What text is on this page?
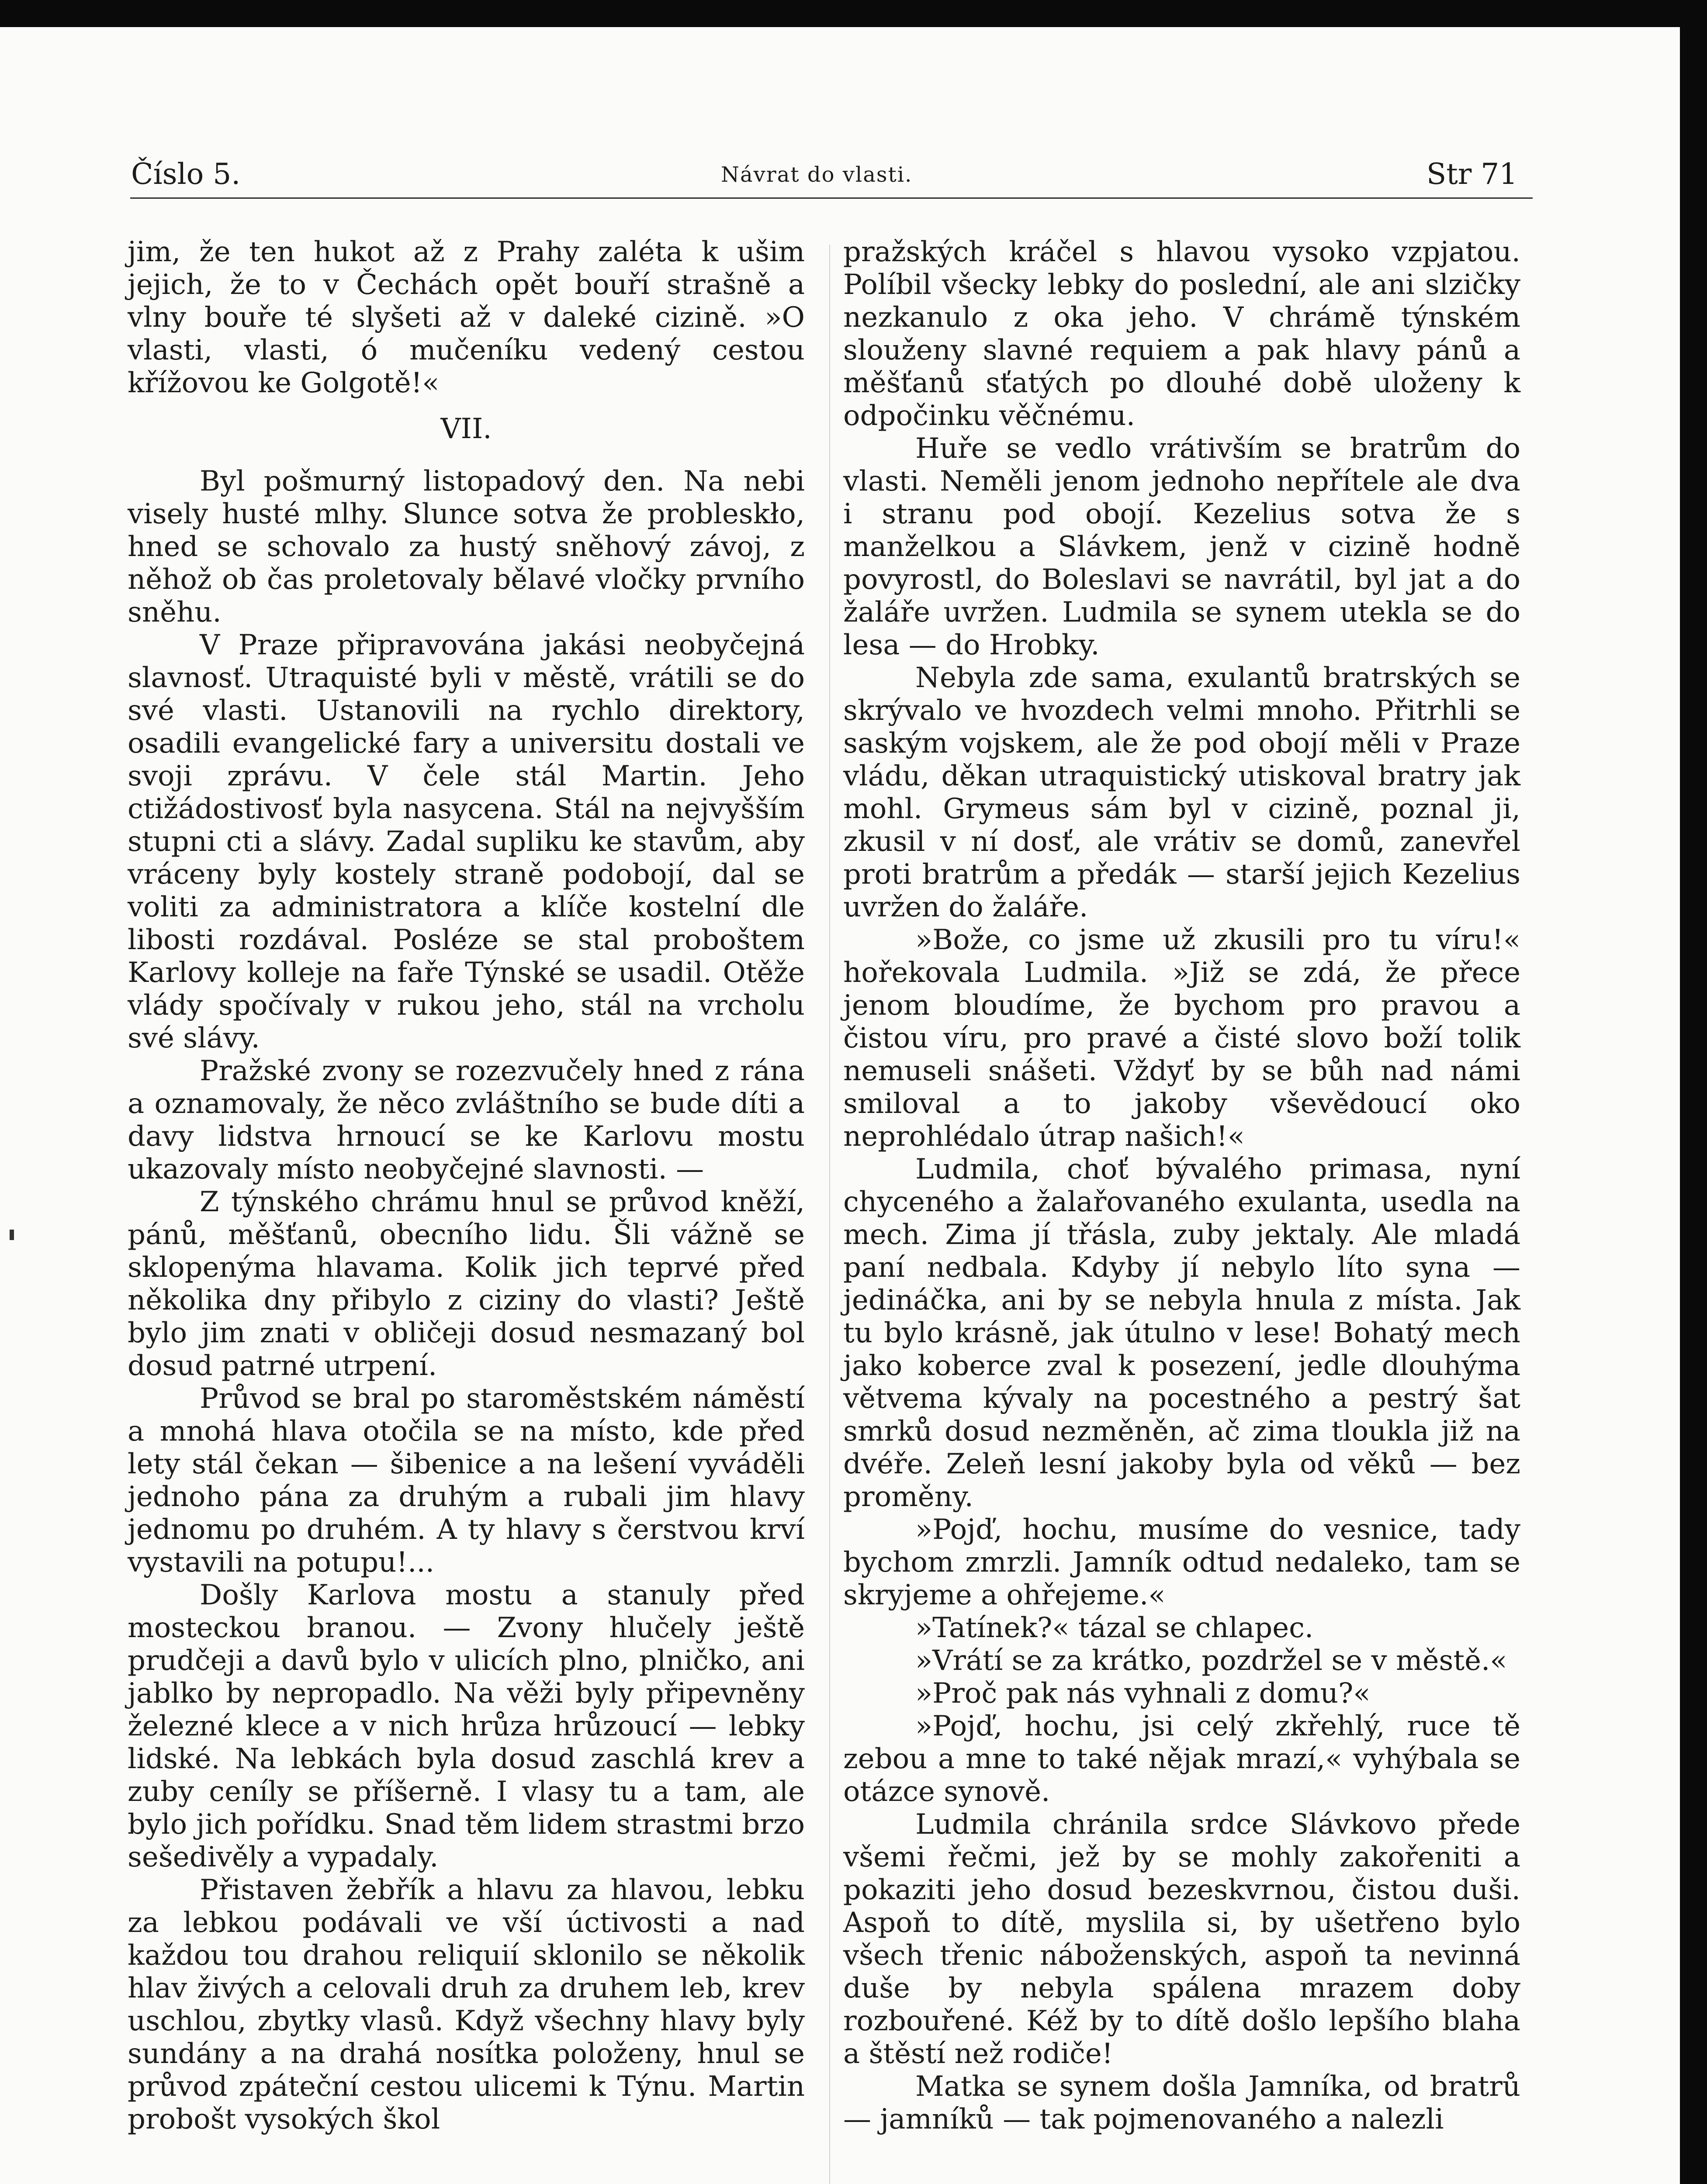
Číslo 5.	Návrat do vlasti.	Str 71

jim, že ten hukot až z Prahy zaléta k ušim jejich, že to v Čechách opět bouří strašně a vlny bouře té slyšeti až v daleké cizině. »O vlasti, vlasti, ó mučeníku vedený cestou křížovou ke Golgotě!«

VII.

Byl pošmurný listopadový den. Na nebi visely husté mlhy. Slunce sotva že probleskło, hned se schovalo za hustý sněhový závoj, z něhož ob čas proletovaly bělavé vločky prvního sněhu.

V Praze připravována jakási neobyčejná slavnosť. Utraquisté byli v městě, vrátili se do své vlasti. Ustanovili na rychlo direktory, osadili evangelické fary a universitu dostali ve svoji zprávu. V čele stál Martin. Jeho ctižádostivosť byla nasycena. Stál na nejvyšším stupni cti a slávy. Zadal supliku ke stavům, aby vráceny byly kostely straně podobojí, dal se voliti za administratora a klíče kostelní dle libosti rozdával. Posléze se stal proboštem Karlovy kolleje na faře Týnské se usadil. Otěže vlády spočívaly v rukou jeho, stál na vrcholu své slávy.

Pražské zvony se rozezvučely hned z rána a oznamovaly, že něco zvláštního se bude díti a davy lidstva hrnoucí se ke Karlovu mostu ukazovaly místo neobyčejné slavnosti. —

Z týnského chrámu hnul se průvod kněží, pánů, měšťanů, obecního lidu. Šli vážně se sklopenýma hlavama. Kolik jich teprvé před několika dny přibylo z ciziny do vlasti? Ještě bylo jim znati v obličeji dosud nesmazaný bol dosud patrné utrpení.

Průvod se bral po staroměstském náměstí a mnohá hlava otočila se na místo, kde před lety stál čekan — šibenice a na lešení vyváděli jednoho pána za druhým a rubali jim hlavy jednomu po druhém. A ty hlavy s čerstvou krví vystavili na potupu!...

Došly Karlova mostu a stanuly před mosteckou branou. — Zvony hlučely ještě prudčeji a davů bylo v ulicích plno, plničko, ani jablko by nepropadlo. Na věži byly připevněny železné klece a v nich hrůza hrůzoucí — lebky lidské. Na lebkách byla dosud zaschlá krev a zuby ceníly se příšerně. I vlasy tu a tam, ale bylo jich pořídku. Snad těm lidem strastmi brzo sešedivěly a vypadaly.

Přistaven žebřík a hlavu za hlavou, lebku za lebkou podávali ve vší úctivosti a nad každou tou drahou reliquií sklonilo se několik hlav živých a celovali druh za druhem leb, krev uschlou, zbytky vlasů. Když všechny hlavy byly sundány a na drahá nosítka položeny, hnul se průvod zpáteční cestou ulicemi k Týnu. Martin probošt vysokých škol

pražských kráčel s hlavou vysoko vzpjatou. Políbil všecky lebky do poslední, ale ani slzičky nezkanulo z oka jeho. V chrámě týnském slouženy slavné requiem a pak hlavy pánů a měšťanů sťatých po dlouhé době uloženy k odpočinku věčnému.

Huře se vedlo vrátivším se bratrům do vlasti. Neměli jenom jednoho nepřítele ale dva i stranu pod obojí. Kezelius sotva že s manželkou a Slávkem, jenž v cizině hodně povyrostl, do Boleslavi se navrátil, byl jat a do žaláře uvržen. Ludmila se synem utekla se do lesa — do Hrobky.

Nebyla zde sama, exulantů bratrských se skrývalo ve hvozdech velmi mnoho. Přitrhli se saským vojskem, ale že pod obojí měli v Praze vládu, děkan utraquistický utiskoval bratry jak mohl. Grymeus sám byl v cizině, poznal ji, zkusil v ní dosť, ale vrátiv se domů, zanevřel proti bratrům a předák — starší jejich Kezelius uvržen do žaláře.

»Bože, co jsme už zkusili pro tu víru!« hořekovala Ludmila. »Již se zdá, že přece jenom bloudíme, že bychom pro pravou a čistou víru, pro pravé a čisté slovo boží tolik nemuseli snášeti. Vždyť by se bůh nad námi smiloval a to jakoby vševědoucí oko neprohlédalo útrap našich!«

Ludmila, choť bývalého primasa, nyní chyceného a žalařovaného exulanta, usedla na mech. Zima jí třásla, zuby jektaly. Ale mladá paní nedbala. Kdyby jí nebylo líto syna — jedináčka, ani by se nebyla hnula z místa. Jak tu bylo krásně, jak útulno v lese! Bohatý mech jako koberce zval k posezení, jedle dlouhýma větvema kývaly na pocestného a pestrý šat smrků dosud nezměněn, ač zima tloukla již na dvéře. Zeleň lesní jakoby byla od věků — bez proměny.

»Pojď, hochu, musíme do vesnice, tady bychom zmrzli. Jamník odtud nedaleko, tam se skryjeme a ohřejeme.«

»Tatínek?« tázal se chlapec.

»Vrátí se za krátko, pozdržel se v městě.«

»Proč pak nás vyhnali z domu?«

»Pojď, hochu, jsi celý zkřehlý, ruce tě zebou a mne to také nějak mrazí,« vyhýbala se otázce synově.

Ludmila chránila srdce Slávkovo přede všemi řečmi, jež by se mohly zakořeniti a pokaziti jeho dosud bezeskvrnou, čistou duši. Aspoň to dítě, myslila si, by ušetřeno bylo všech třenic náboženských, aspoň ta nevinná duše by nebyla spálena mrazem doby rozbouřené. Kéž by to dítě došlo lepšího blaha a štěstí než rodiče!

Matka se synem došla Jamníka, od bratrů — jamníků — tak pojmenovaného a nalezli
